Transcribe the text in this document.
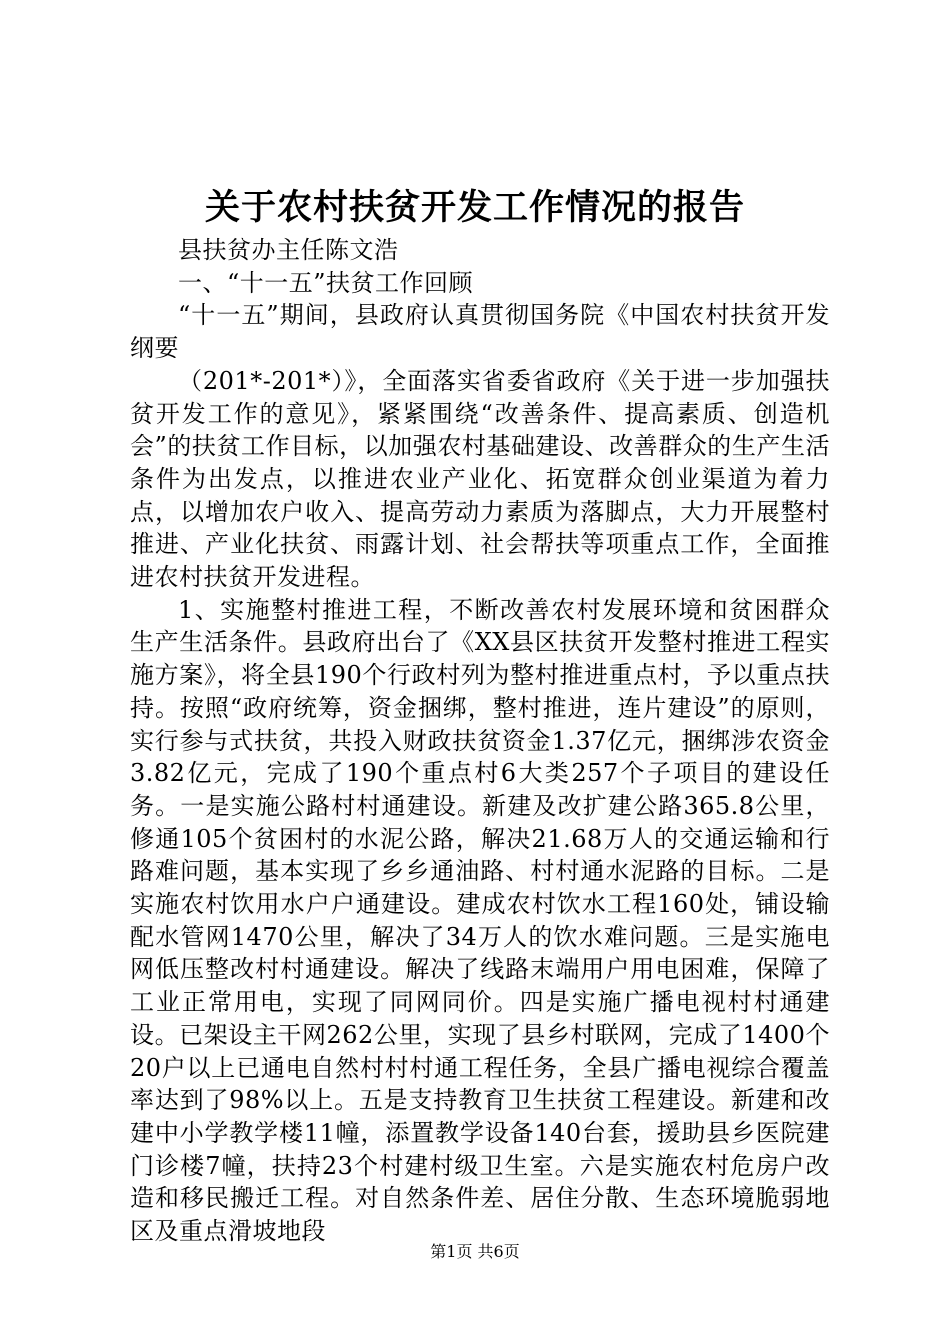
关于农村扶贫开发工作情况的报告

县扶贫办主任陈文浩

一、“十一五”扶贫工作回顾

“十一五”期间，县政府认真贯彻国务院《中国农村扶贫开发纲要

（201*-201*）》，全面落实省委省政府《关于进一步加强扶贫开发工作的意见》，紧紧围绕“改善条件、提高素质、创造机会”的扶贫工作目标，以加强农村基础建设、改善群众的生产生活条件为出发点，以推进农业产业化、拓宽群众创业渠道为着力点，以增加农户收入、提高劳动力素质为落脚点，大力开展整村推进、产业化扶贫、雨露计划、社会帮扶等项重点工作，全面推进农村扶贫开发进程。

1、实施整村推进工程，不断改善农村发展环境和贫困群众生产生活条件。县政府出台了《XX县区扶贫开发整村推进工程实施方案》，将全县190个行政村列为整村推进重点村，予以重点扶持。按照“政府统筹，资金捆绑，整村推进，连片建设”的原则，实行参与式扶贫，共投入财政扶贫资金1.37亿元，捆绑涉农资金3.82亿元，完成了190个重点村6大类257个子项目的建设任务。一是实施公路村村通建设。新建及改扩建公路365.8公里，修通105个贫困村的水泥公路，解决21.68万人的交通运输和行路难问题，基本实现了乡乡通油路、村村通水泥路的目标。二是实施农村饮用水户户通建设。建成农村饮水工程160处，铺设输配水管网1470公里，解决了34万人的饮水难问题。三是实施电网低压整改村村通建设。解决了线路末端用户用电困难，保障了工业正常用电，实现了同网同价。四是实施广播电视村村通建设。已架设主干网262公里，实现了县乡村联网，完成了1400个20户以上已通电自然村村村通工程任务，全县广播电视综合覆盖率达到了98%以上。五是支持教育卫生扶贫工程建设。新建和改建中小学教学楼11幢，添置教学设备140台套，援助县乡医院建门诊楼7幢，扶持23个村建村级卫生室。六是实施农村危房户改造和移民搬迁工程。对自然条件差、居住分散、生态环境脆弱地区及重点滑坡地段

第1页 共6页
